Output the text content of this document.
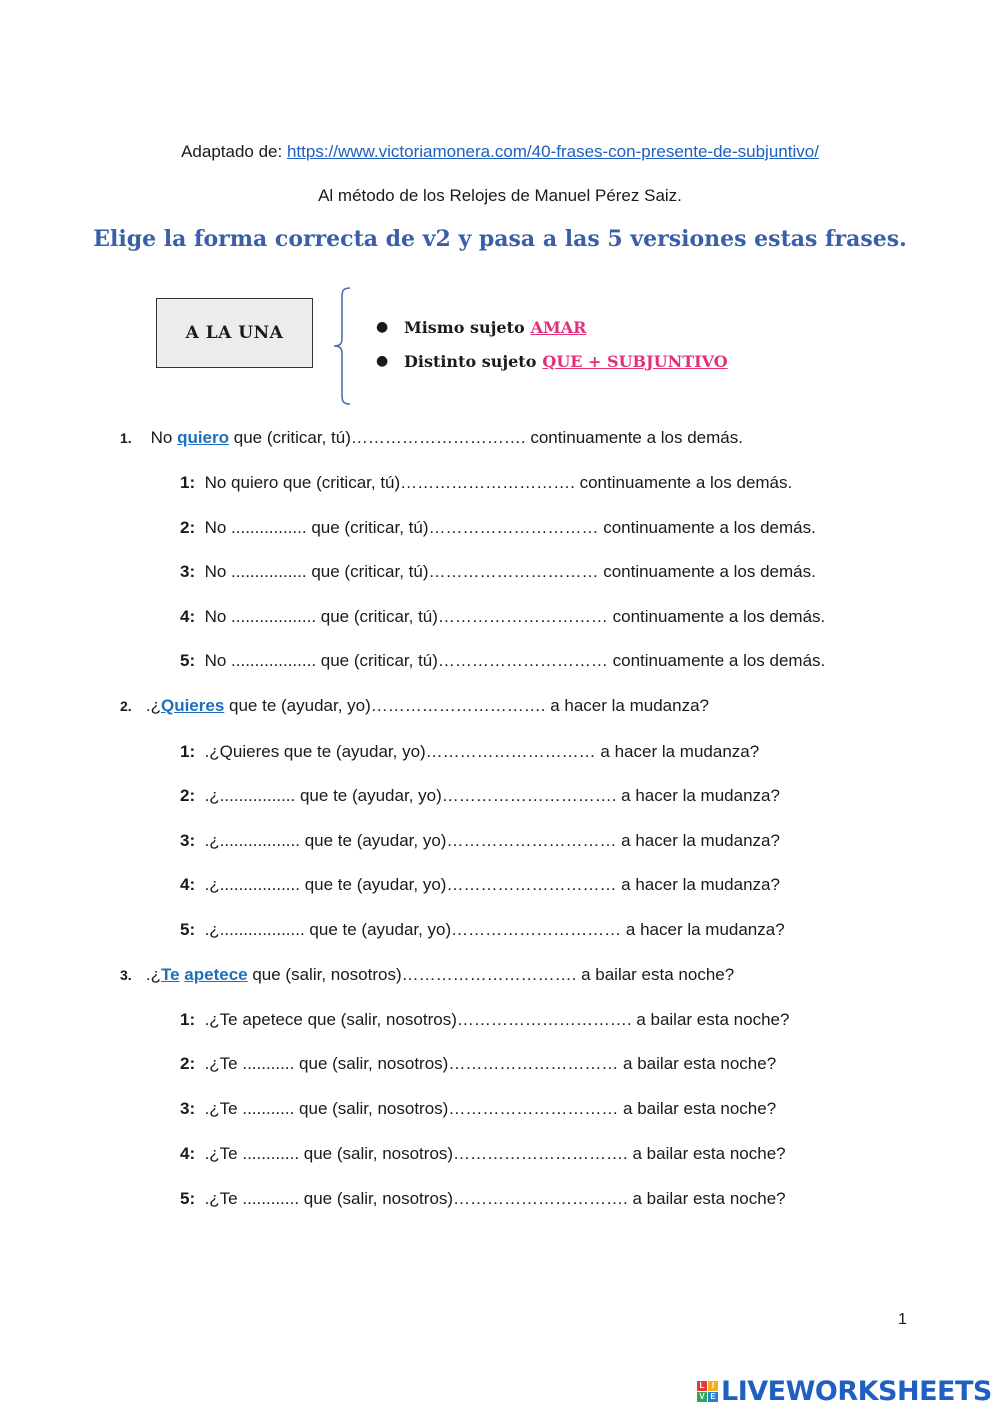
Adaptado de: https://www.victoriamonera.com/40-frases-con-presente-de-subjuntivo/
Al método de los Relojes de Manuel Pérez Saiz.
Elige la forma correcta de v2 y pasa a las 5 versiones estas frases.
A LA UNA	● Mismo sujeto AMAR
● Distinto sujeto QUE + SUBJUNTIVO
1. No quiero que (criticar, tú)…………………………. continuamente a los demás.
1: No quiero que (criticar, tú)…………………………. continuamente a los demás.
2: No ................ que (criticar, tú)………………………… continuamente a los demás.
3: No ................ que (criticar, tú)………………………… continuamente a los demás.
4: No .................. que (criticar, tú)………………………… continuamente a los demás.
5: No .................. que (criticar, tú)………………………… continuamente a los demás.
2. .¿Quieres que te (ayudar, yo)…………………………. a hacer la mudanza?
1: .¿Quieres que te (ayudar, yo)………………………… a hacer la mudanza?
2: .¿................ que te (ayudar, yo)…………………………. a hacer la mudanza?
3: .¿................. que te (ayudar, yo)………………………… a hacer la mudanza?
4: .¿................. que te (ayudar, yo)………………………… a hacer la mudanza?
5: .¿.................. que te (ayudar, yo)………………………… a hacer la mudanza?
3. .¿Te apetece que (salir, nosotros)…………………………. a bailar esta noche?
1: .¿Te apetece que (salir, nosotros)…………………………. a bailar esta noche?
2: .¿Te ........... que (salir, nosotros)………………………… a bailar esta noche?
3: .¿Te ........... que (salir, nosotros)………………………… a bailar esta noche?
4: .¿Te ............ que (salir, nosotros)…………………………. a bailar esta noche?
5: .¿Te ............ que (salir, nosotros)…………………………. a bailar esta noche?
1
L I
V E LIVEWORKSHEETS
